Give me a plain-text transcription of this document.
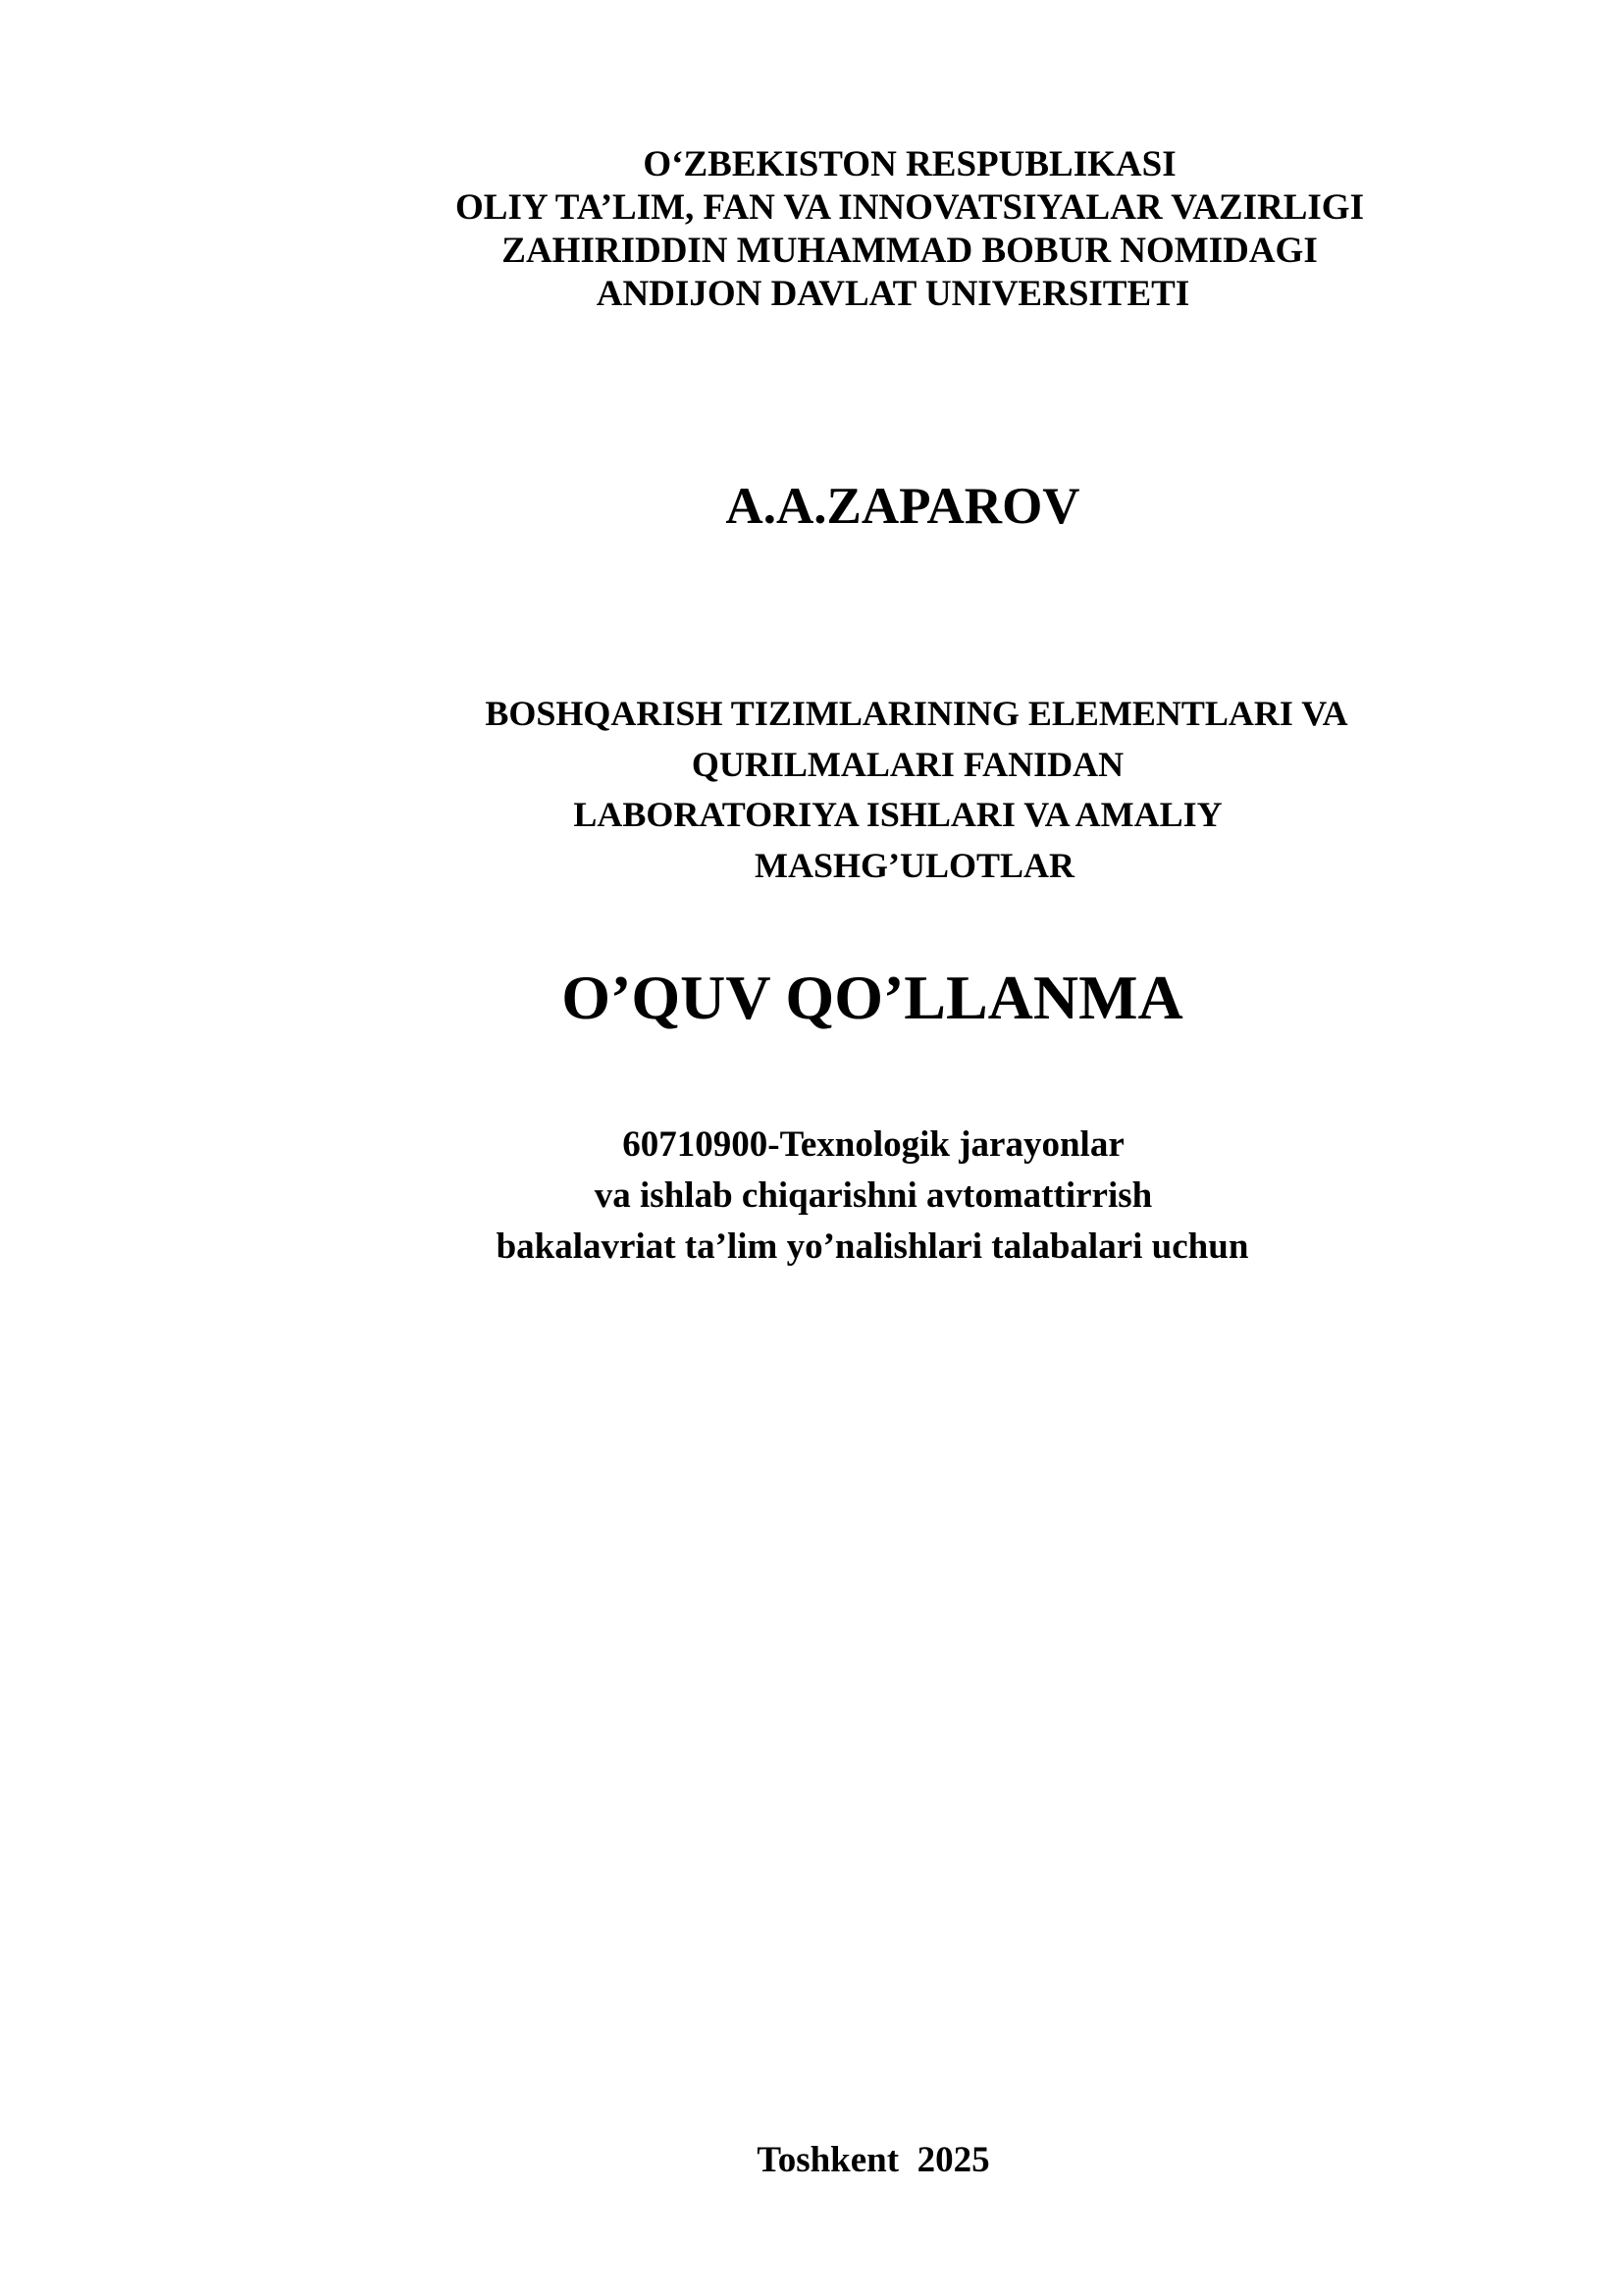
O‘ZBEKISTON RESPUBLIKASI
OLIY TA’LIM, FAN VA INNOVATSIYALAR VAZIRLIGI
ZAHIRIDDIN MUHAMMAD BOBUR NOMIDAGI
ANDIJON DAVLAT UNIVERSITETI
A.A.ZAPAROV
BOSHQARISH TIZIMLARINING ELEMENTLARI VA
QURILMALARI FANIDAN
LABORATORIYA ISHLARI VA AMALIY
MASHG’ULOTLAR
O’QUV QO’LLANMA
60710900-Texnologik jarayonlar
va ishlab chiqarishni avtomattirrish
bakalavriat ta’lim yo’nalishlari talabalari uchun
Toshkent  2025
